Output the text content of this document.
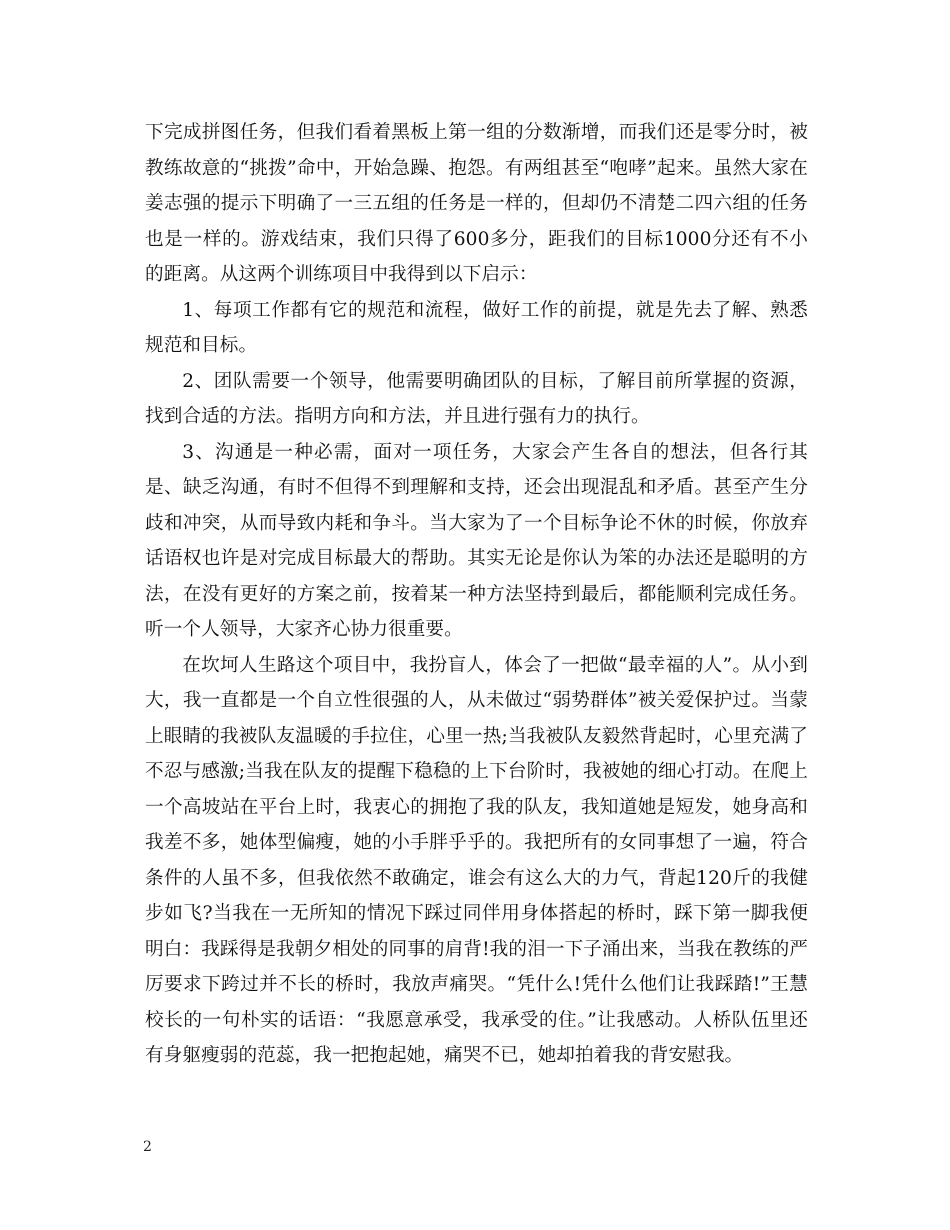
下完成拼图任务，但我们看着黑板上第一组的分数渐增，而我们还是零分时，被教练故意的“挑拨”命中，开始急躁、抱怨。有两组甚至“咆哮”起来。虽然大家在姜志强的提示下明确了一三五组的任务是一样的，但却仍不清楚二四六组的任务也是一样的。游戏结束，我们只得了600多分，距我们的目标1000分还有不小的距离。从这两个训练项目中我得到以下启示：

1、每项工作都有它的规范和流程，做好工作的前提，就是先去了解、熟悉规范和目标。

2、团队需要一个领导，他需要明确团队的目标，了解目前所掌握的资源，找到合适的方法。指明方向和方法，并且进行强有力的执行。

3、沟通是一种必需，面对一项任务，大家会产生各自的想法，但各行其是、缺乏沟通，有时不但得不到理解和支持，还会出现混乱和矛盾。甚至产生分歧和冲突，从而导致内耗和争斗。当大家为了一个目标争论不休的时候，你放弃话语权也许是对完成目标最大的帮助。其实无论是你认为笨的办法还是聪明的方法，在没有更好的方案之前，按着某一种方法坚持到最后，都能顺利完成任务。听一个人领导，大家齐心协力很重要。

在坎坷人生路这个项目中，我扮盲人，体会了一把做“最幸福的人”。从小到大，我一直都是一个自立性很强的人，从未做过“弱势群体”被关爱保护过。当蒙上眼睛的我被队友温暖的手拉住，心里一热;当我被队友毅然背起时，心里充满了不忍与感激;当我在队友的提醒下稳稳的上下台阶时，我被她的细心打动。在爬上一个高坡站在平台上时，我衷心的拥抱了我的队友，我知道她是短发，她身高和我差不多，她体型偏瘦，她的小手胖乎乎的。我把所有的女同事想了一遍，符合条件的人虽不多，但我依然不敢确定，谁会有这么大的力气，背起120斤的我健步如飞?当我在一无所知的情况下踩过同伴用身体搭起的桥时，踩下第一脚我便明白：我踩得是我朝夕相处的同事的肩背!我的泪一下子涌出来，当我在教练的严厉要求下跨过并不长的桥时，我放声痛哭。“凭什么!凭什么他们让我踩踏!”王慧校长的一句朴实的话语：“我愿意承受，我承受的住。”让我感动。人桥队伍里还有身躯瘦弱的范蕊，我一把抱起她，痛哭不已，她却拍着我的背安慰我。

2
